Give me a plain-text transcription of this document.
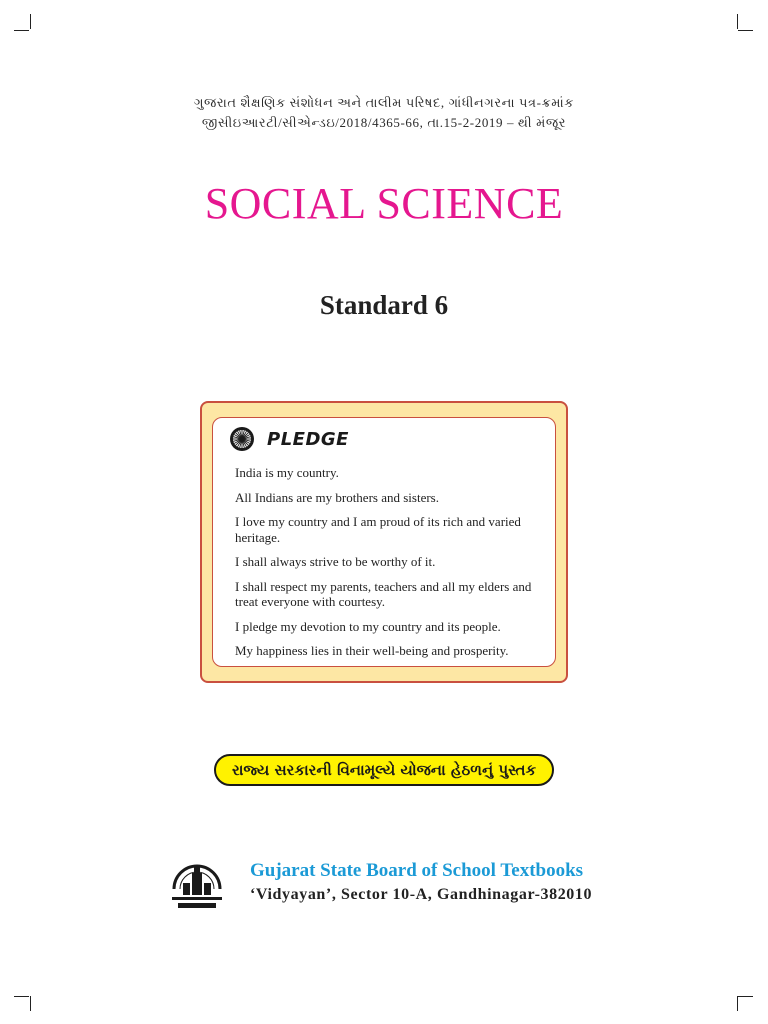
ગુજરાત શૈક્ષણિક સંશોધન અને તાલીમ પરિષદ, ગાંધીનગરના પત્ર-ક્રમાંક
જીસીઇઆરટી/સીએન્ડઇ/2018/4365-66, તા.15-2-2019 – થી મંજૂર
SOCIAL SCIENCE
Standard 6
PLEDGE
India is my country.
All Indians are my brothers and sisters.
I love my country and I am proud of its rich and varied heritage.
I shall always strive to be worthy of it.
I shall respect my parents, teachers and all my elders and treat everyone with courtesy.
I pledge my devotion to my country and its people.
My happiness lies in their well-being and prosperity.
રાજ્ય સરકારની વિનામૂલ્યે યોજના હેઠળનું પુસ્તક
Gujarat State Board of School Textbooks
‘Vidyayan’, Sector 10-A, Gandhinagar-382010
